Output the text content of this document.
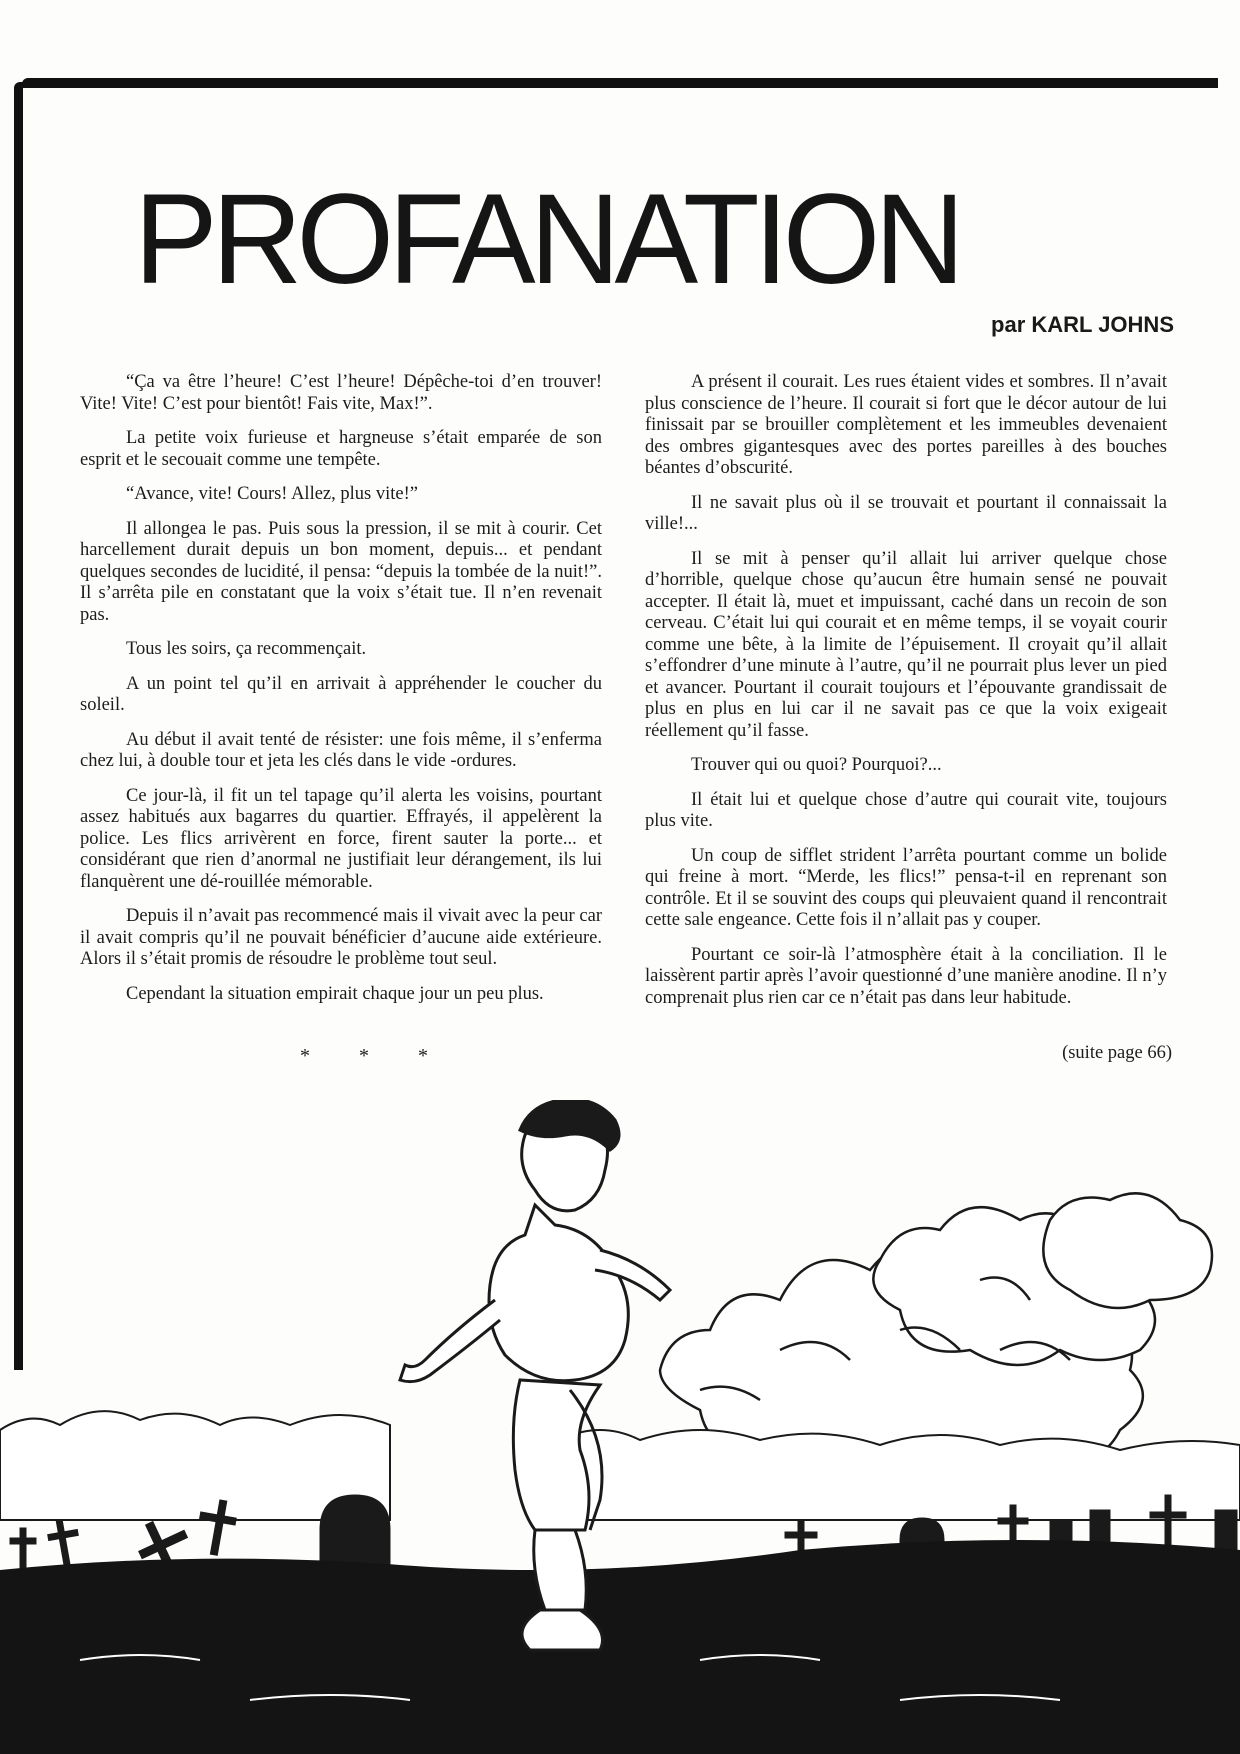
PROFANATION

par KARL JOHNS

“Ça va être l’heure! C’est l’heure! Dépêche-toi d’en trouver! Vite! Vite! C’est pour bientôt! Fais vite, Max!”.

La petite voix furieuse et hargneuse s’était emparée de son esprit et le secouait comme une tempête.

“Avance, vite! Cours! Allez, plus vite!”

Il allongea le pas. Puis sous la pression, il se mit à courir. Cet harcellement durait depuis un bon moment, depuis... et pendant quelques secondes de lucidité, il pensa: “depuis la tombée de la nuit!”. Il s’arrêta pile en constatant que la voix s’était tue. Il n’en revenait pas.

Tous les soirs, ça recommençait.

A un point tel qu’il en arrivait à appréhender le coucher du soleil.

Au début il avait tenté de résister: une fois même, il s’enferma chez lui, à double tour et jeta les clés dans le vide -ordures.

Ce jour-là, il fit un tel tapage qu’il alerta les voisins, pourtant assez habitués aux bagarres du quartier. Effrayés, il appelèrent la police. Les flics arrivèrent en force, firent sauter la porte... et considérant que rien d’anormal ne justifiait leur dérangement, ils lui flanquèrent une dé-rouillée mémorable.

Depuis il n’avait pas recommencé mais il vivait avec la peur car il avait compris qu’il ne pouvait bénéficier d’aucune aide extérieure. Alors il s’était promis de résoudre le problème tout seul.

Cependant la situation empirait chaque jour un peu plus.

* * *

A présent il courait. Les rues étaient vides et sombres. Il n’avait plus conscience de l’heure. Il courait si fort que le décor autour de lui finissait par se brouiller complètement et les immeubles devenaient des ombres gigantesques avec des portes pareilles à des bouches béantes d’obscurité.

Il ne savait plus où il se trouvait et pourtant il connaissait la ville!...

Il se mit à penser qu’il allait lui arriver quelque chose d’horrible, quelque chose qu’aucun être humain sensé ne pouvait accepter. Il était là, muet et impuissant, caché dans un recoin de son cerveau. C’était lui qui courait et en même temps, il se voyait courir comme une bête, à la limite de l’épuisement. Il croyait qu’il allait s’effondrer d’une minute à l’autre, qu’il ne pourrait plus lever un pied et avancer. Pourtant il courait toujours et l’épouvante grandissait de plus en plus en lui car il ne savait pas ce que la voix exigeait réellement qu’il fasse.

Trouver qui ou quoi? Pourquoi?...

Il était lui et quelque chose d’autre qui courait vite, toujours plus vite.

Un coup de sifflet strident l’arrêta pourtant comme un bolide qui freine à mort. “Merde, les flics!” pensa-t-il en reprenant son contrôle. Et il se souvint des coups qui pleuvaient quand il rencontrait cette sale engeance. Cette fois il n’allait pas y couper.

Pourtant ce soir-là l’atmosphère était à la conciliation. Il le laissèrent partir après l’avoir questionné d’une manière anodine. Il n’y comprenait plus rien car ce n’était pas dans leur habitude.

(suite page 66)
